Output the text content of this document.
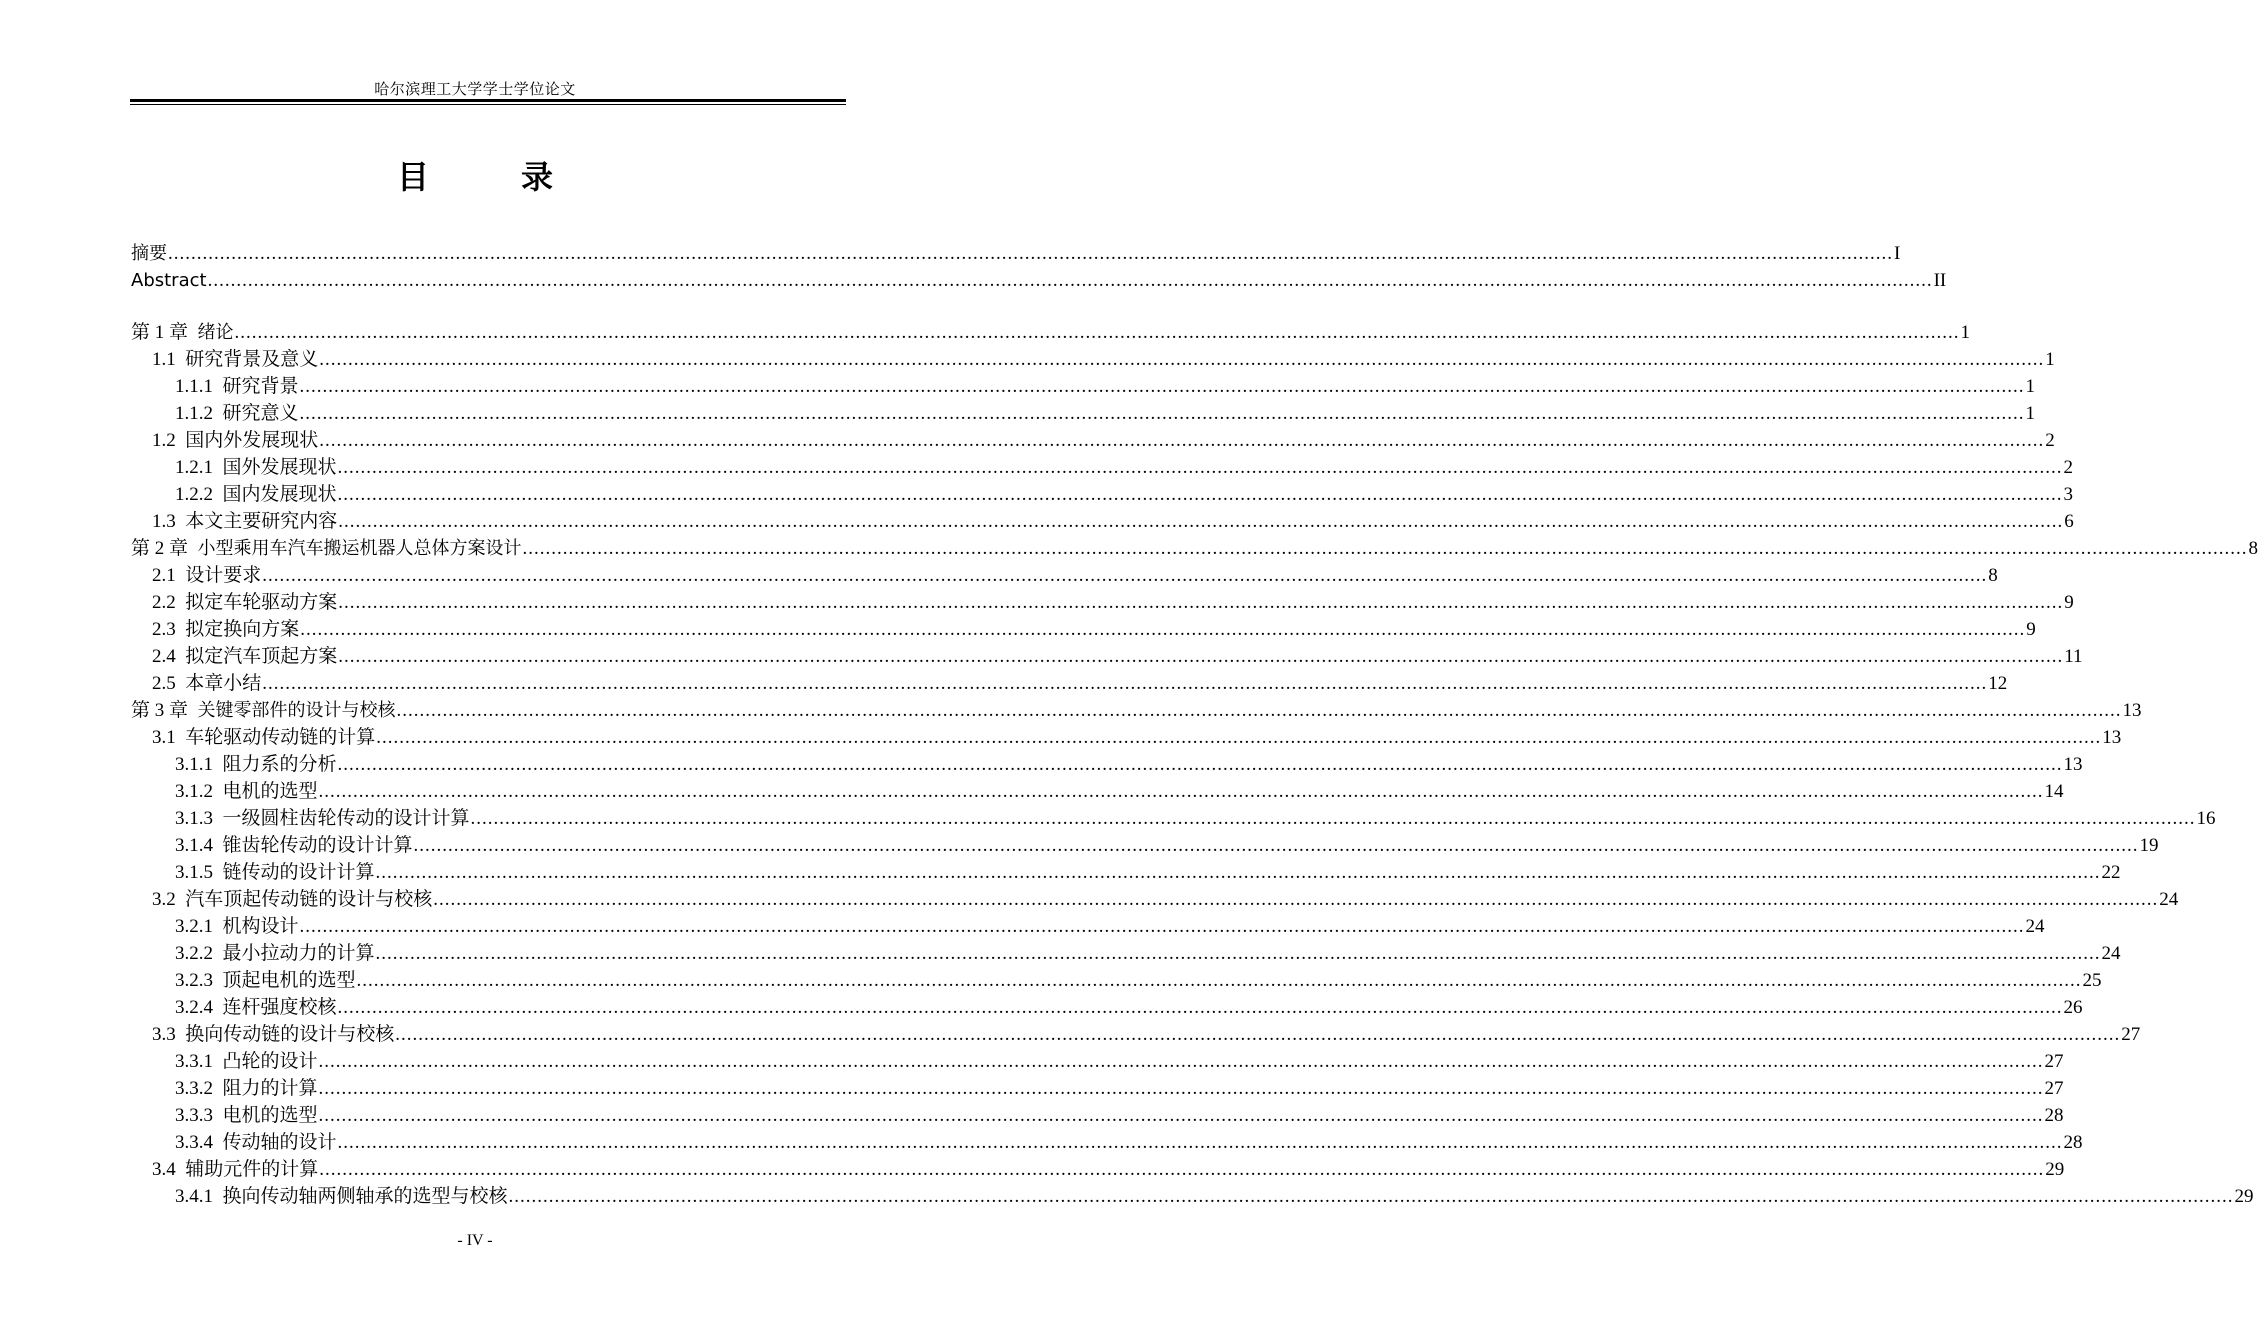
哈尔滨理工大学学士学位论文
目　录
摘要 ............................................................................................................................................................................................................................................................................................................ I
Abstract ............................................................................................................................................................................................................................................................................................................ II
第 1 章 绪论 ............................................................................................................................................................................................................................................................................................................ 1
1.1 研究背景及意义 ............................................................................................................................................................................................................................................................................................................ 1
1.1.1 研究背景 ............................................................................................................................................................................................................................................................................................................ 1
1.1.2 研究意义 ............................................................................................................................................................................................................................................................................................................ 1
1.2 国内外发展现状 ............................................................................................................................................................................................................................................................................................................ 2
1.2.1 国外发展现状 ............................................................................................................................................................................................................................................................................................................ 2
1.2.2 国内发展现状 ............................................................................................................................................................................................................................................................................................................ 3
1.3 本文主要研究内容 ............................................................................................................................................................................................................................................................................................................ 6
第 2 章 小型乘用车汽车搬运机器人总体方案设计 ............................................................................................................................................................................................................................................................................................................ 8
2.1 设计要求 ............................................................................................................................................................................................................................................................................................................ 8
2.2 拟定车轮驱动方案 ............................................................................................................................................................................................................................................................................................................ 9
2.3 拟定换向方案 ............................................................................................................................................................................................................................................................................................................ 9
2.4 拟定汽车顶起方案 ............................................................................................................................................................................................................................................................................................................ 11
2.5 本章小结 ............................................................................................................................................................................................................................................................................................................ 12
第 3 章 关键零部件的设计与校核 ............................................................................................................................................................................................................................................................................................................ 13
3.1 车轮驱动传动链的计算 ............................................................................................................................................................................................................................................................................................................ 13
3.1.1 阻力系的分析 ............................................................................................................................................................................................................................................................................................................ 13
3.1.2 电机的选型 ............................................................................................................................................................................................................................................................................................................ 14
3.1.3 一级圆柱齿轮传动的设计计算 ............................................................................................................................................................................................................................................................................................................ 16
3.1.4 锥齿轮传动的设计计算 ............................................................................................................................................................................................................................................................................................................ 19
3.1.5 链传动的设计计算 ............................................................................................................................................................................................................................................................................................................ 22
3.2 汽车顶起传动链的设计与校核 ............................................................................................................................................................................................................................................................................................................ 24
3.2.1 机构设计 ............................................................................................................................................................................................................................................................................................................ 24
3.2.2 最小拉动力的计算 ............................................................................................................................................................................................................................................................................................................ 24
3.2.3 顶起电机的选型 ............................................................................................................................................................................................................................................................................................................ 25
3.2.4 连杆强度校核 ............................................................................................................................................................................................................................................................................................................ 26
3.3 换向传动链的设计与校核 ............................................................................................................................................................................................................................................................................................................ 27
3.3.1 凸轮的设计 ............................................................................................................................................................................................................................................................................................................ 27
3.3.2 阻力的计算 ............................................................................................................................................................................................................................................................................................................ 27
3.3.3 电机的选型 ............................................................................................................................................................................................................................................................................................................ 28
3.3.4 传动轴的设计 ............................................................................................................................................................................................................................................................................................................ 28
3.4 辅助元件的计算 ............................................................................................................................................................................................................................................................................................................ 29
3.4.1 换向传动轴两侧轴承的选型与校核 ............................................................................................................................................................................................................................................................................................................ 29
- IV -
